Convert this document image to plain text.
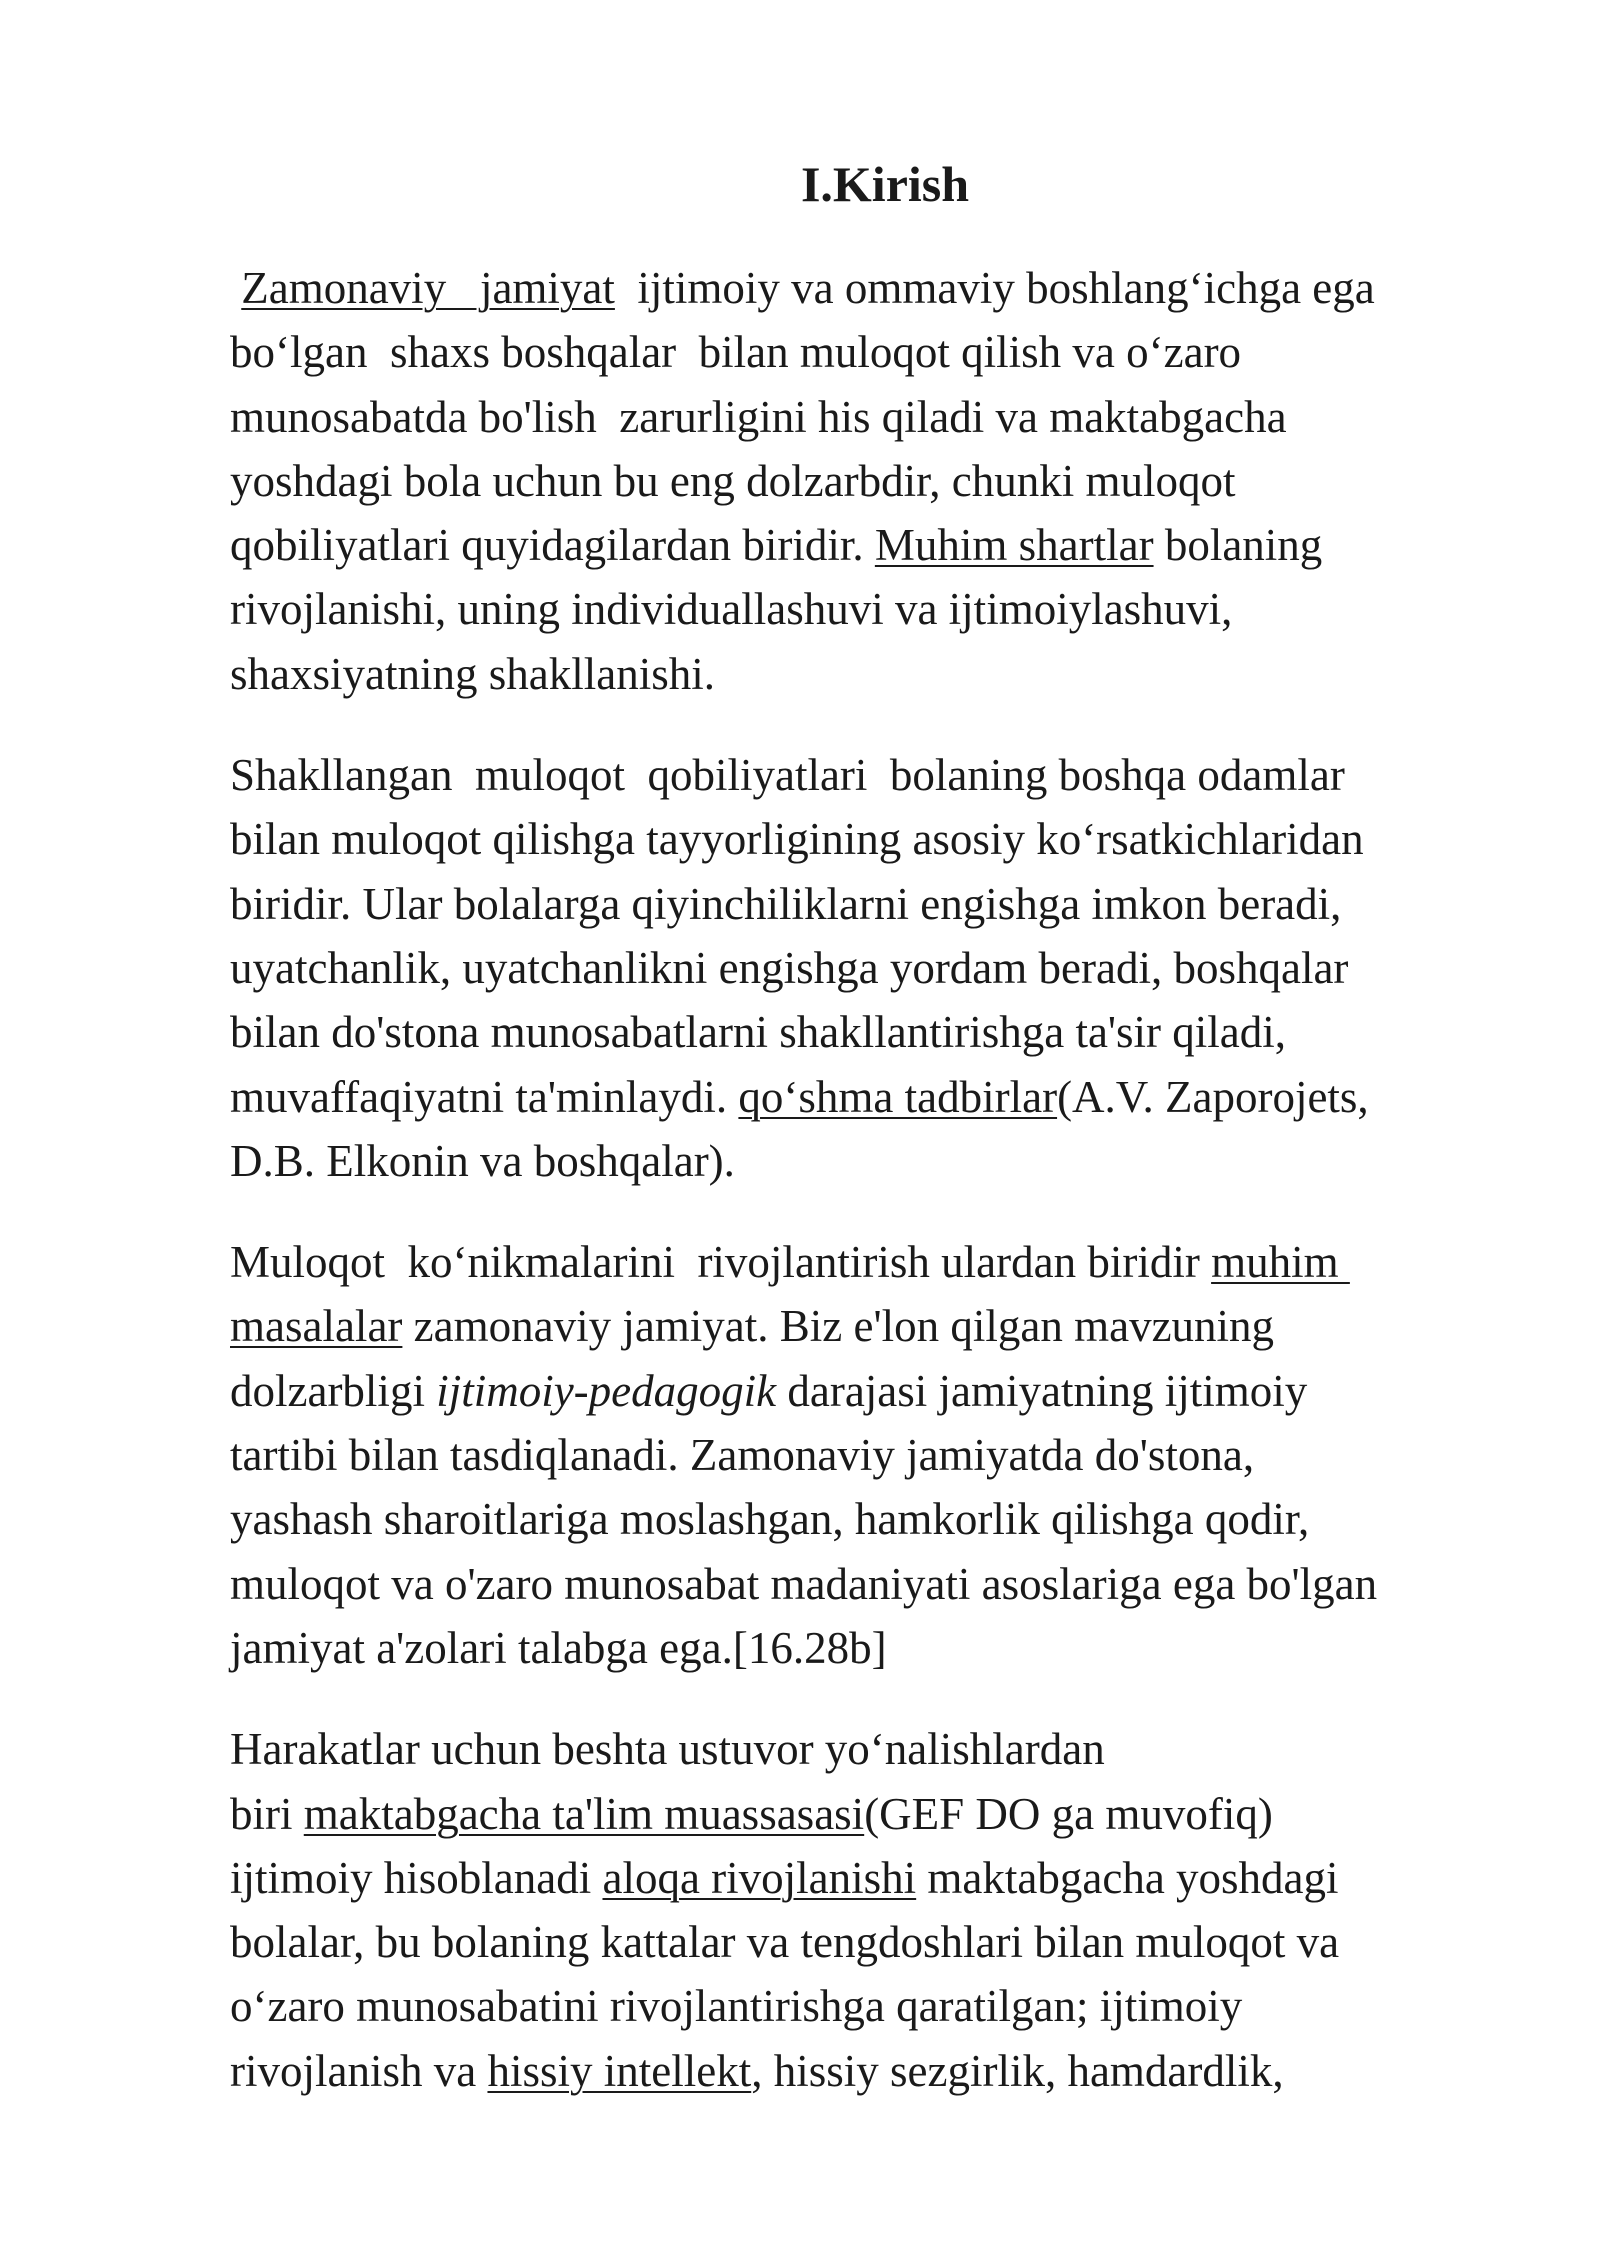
I.Kirish

Zamonaviy   jamiyat  ijtimoiy va ommaviy boshlang‘ichga ega
bo‘lgan  shaxs boshqalar  bilan muloqot qilish va o‘zaro
munosabatda bo'lish  zarurligini his qiladi va maktabgacha
yoshdagi bola uchun bu eng dolzarbdir, chunki muloqot
qobiliyatlari quyidagilardan biridir. Muhim shartlar bolaning
rivojlanishi, uning individuallashuvi va ijtimoiylashuvi,
shaxsiyatning shakllanishi.

Shakllangan  muloqot  qobiliyatlari  bolaning boshqa odamlar
bilan muloqot qilishga tayyorligining asosiy ko‘rsatkichlaridan
biridir. Ular bolalarga qiyinchiliklarni engishga imkon beradi,
uyatchanlik, uyatchanlikni engishga yordam beradi, boshqalar
bilan do'stona munosabatlarni shakllantirishga ta'sir qiladi,
muvaffaqiyatni ta'minlaydi. qo‘shma tadbirlar(A.V. Zaporojets,
D.B. Elkonin va boshqalar).

Muloqot  ko‘nikmalarini  rivojlantirish ulardan biridir muhim
masalalar zamonaviy jamiyat. Biz e'lon qilgan mavzuning
dolzarbligi ijtimoiy-pedagogik darajasi jamiyatning ijtimoiy
tartibi bilan tasdiqlanadi. Zamonaviy jamiyatda do'stona,
yashash sharoitlariga moslashgan, hamkorlik qilishga qodir,
muloqot va o'zaro munosabat madaniyati asoslariga ega bo'lgan
jamiyat a'zolari talabga ega.[16.28b]

Harakatlar uchun beshta ustuvor yo‘nalishlardan
biri maktabgacha ta'lim muassasasi(GEF DO ga muvofiq)
ijtimoiy hisoblanadi aloqa rivojlanishi maktabgacha yoshdagi
bolalar, bu bolaning kattalar va tengdoshlari bilan muloqot va
o‘zaro munosabatini rivojlantirishga qaratilgan; ijtimoiy
rivojlanish va hissiy intellekt, hissiy sezgirlik, hamdardlik,
